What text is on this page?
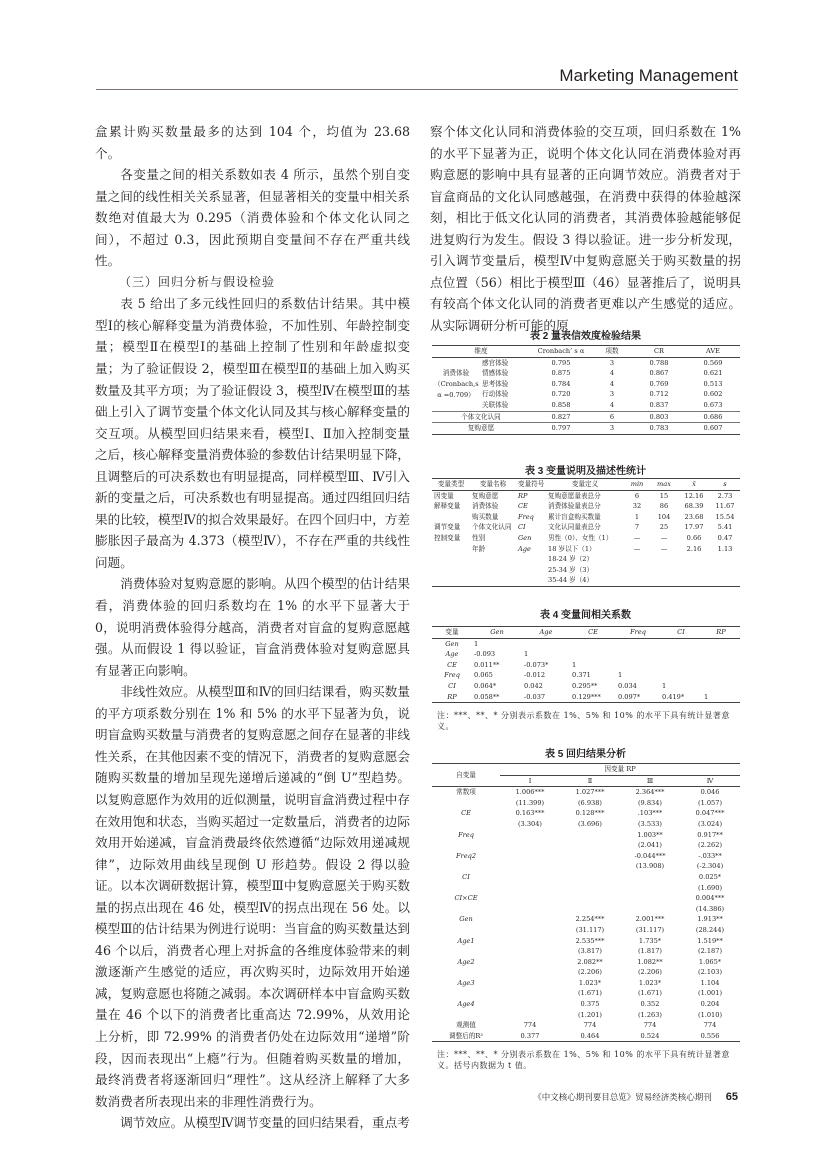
Marketing Management

盒累计购买数量最多的达到 104 个，均值为 23.68 个。

各变量之间的相关系数如表 4 所示，虽然个别自变量之间的线性相关关系显著，但显著相关的变量中相关系数绝对值最大为 0.295（消费体验和个体文化认同之间），不超过 0.3，因此预期自变量间不存在严重共线性。

（三）回归分析与假设检验

表 5 给出了多元线性回归的系数估计结果。其中模型Ⅰ的核心解释变量为消费体验，不加性别、年龄控制变量；模型Ⅱ在模型Ⅰ的基础上控制了性别和年龄虚拟变量；为了验证假设 2，模型Ⅲ在模型Ⅱ的基础上加入购买数量及其平方项；为了验证假设 3，模型Ⅳ在模型Ⅲ的基础上引入了调节变量个体文化认同及其与核心解释变量的交互项。从模型回归结果来看，模型Ⅰ、Ⅱ加入控制变量之后，核心解释变量消费体验的参数估计结果明显下降，且调整后的可决系数也有明显提高，同样模型Ⅲ、Ⅳ引入新的变量之后，可决系数也有明显提高。通过四组回归结果的比较，模型Ⅳ的拟合效果最好。在四个回归中，方差膨胀因子最高为 4.373（模型Ⅳ），不存在严重的共线性问题。

消费体验对复购意愿的影响。从四个模型的估计结果看，消费体验的回归系数均在 1% 的水平下显著大于 0，说明消费体验得分越高，消费者对盲盒的复购意愿越强。从而假设 1 得以验证，盲盒消费体验对复购意愿具有显著正向影响。

非线性效应。从模型Ⅲ和Ⅳ的回归结课看，购买数量的平方项系数分别在 1% 和 5% 的水平下显著为负，说明盲盒购买数量与消费者的复购意愿之间存在显著的非线性关系，在其他因素不变的情况下，消费者的复购意愿会随购买数量的增加呈现先递增后递减的“倒 U”型趋势。以复购意愿作为效用的近似测量，说明盲盒消费过程中存在效用饱和状态，当购买超过一定数量后，消费者的边际效用开始递减，盲盒消费最终依然遵循“边际效用递减规律”，边际效用曲线呈现倒 U 形趋势。假设 2 得以验证。以本次调研数据计算，模型Ⅲ中复购意愿关于购买数量的拐点出现在 46 处，模型Ⅳ的拐点出现在 56 处。以模型Ⅲ的估计结果为例进行说明：当盲盒的购买数量达到 46 个以后，消费者心理上对拆盒的各维度体验带来的刺激逐渐产生感觉的适应，再次购买时，边际效用开始递减，复购意愿也将随之减弱。本次调研样本中盲盒购买数量在 46 个以下的消费者比重高达 72.99%，从效用论上分析，即 72.99% 的消费者仍处在边际效用“递增”阶段，因而表现出“上瘾”行为。但随着购买数量的增加，最终消费者将逐渐回归“理性”。这从经济上解释了大多数消费者所表现出来的非理性消费行为。

调节效应。从模型Ⅳ调节变量的回归结果看，重点考

察个体文化认同和消费体验的交互项，回归系数在 1% 的水平下显著为正，说明个体文化认同在消费体验对再购意愿的影响中具有显著的正向调节效应。消费者对于盲盒商品的文化认同感越强，在消费中获得的体验越深刻，相比于低文化认同的消费者，其消费体验越能够促进复购行为发生。假设 3 得以验证。进一步分析发现，引入调节变量后，模型Ⅳ中复购意愿关于购买数量的拐点位置（56）相比于模型Ⅲ（46）显著推后了，说明具有较高个体文化认同的消费者更难以产生感觉的适应。从实际调研分析可能的原

表 2 量表信效度检验结果
维度		Cronbach’ s α	项数	CR	AVE
消费体验（Cronbach,s α =0.709）	感官体验	0.795	3	0.788	0.569
	情感体验	0.875	4	0.867	0.621
	思考体验	0.784	4	0.769	0.513
	行动体验	0.720	3	0.712	0.602
	关联体验	0.858	4	0.837	0.673
个体文化认同		0.827	6	0.803	0.686
复购意愿		0.797	3	0.783	0.607
表 3 变量说明及描述性统计
变量类型	变量名称	变量符号	变量定义	min	max	x̄	s
因变量	复购意愿	RP	复购意愿量表总分	6	15	12.16	2.73
解释变量	消费体验	CE	消费体验量表总分	32	86	68.39	11.67
	购买数量	Freq	累计盲盒购买数量	1	104	23.68	15.54
调节变量	个体文化认同	CI	文化认同量表总分	7	25	17.97	5.41
控制变量	性别	Gen	男性（0）、女性（1）	—	—	0.66	0.47
	年龄	Age	18 岁以下（1）	—	—	2.16	1.13
			18-24 岁（2）				
			25-34 岁（3）				
			35-44 岁（4）				
表 4 变量间相关系数
变量	Gen	Age	CE	Freq	CI	RP
Gen	1					
Age	-0.093	1				
CE	0.011**	-0.073*	1			
Freq	0.065	-0.012	0.371	1		
CI	0.064*	0.042	0.295**	0.034	1	
RP	0.058**	-0.037	0.129***	0.097*	0.419*	1
注：***、**、* 分别表示系数在 1%、5% 和 10% 的水平下具有统计显著意义。
表 5 回归结果分析
自变量	因变量 RP			
	Ⅰ	Ⅱ	Ⅲ	Ⅳ
常数项	1.006***	1.027***	2.364***	0.046
	(11.399)	(6.938)	(9.834)	(1.057)
CE	0.163***	0.128***	.103***	0.047***
	(3.304)	(3.696)	(3.533)	(3.024)
Freq			1.003**	0.917**
			(2.041)	(2.262)
Freq2			-0.044***	-.033**
			(13.908)	(-2.304)
CI				0.025*
				(1.690)
CI×CE				0.004***
				(14.386)
Gen		2.254***	2.001***	1.913**
		(31.117)	(31.117)	(28.244)
Age1		2.535***	1.735*	1.519**
		(3.817)	(1.817)	(2.187)
Age2		2.082**	1.082**	1.065*
		(2.206)	(2.206)	(2.103)
Age3		1.023*	1.023*	1.104
		(1.671)	(1.671)	(1.001)
Age4		0.375	0.352	0.204
		(1.201)	(1.263)	(1.010)
观测值	774	774	774	774
调整后的R²	0.377	0.464	0.524	0.556
注：***、**、* 分别表示系数在 1%、5% 和 10% 的水平下具有统计显著意义。括号内数据为 t 值。
《中文核心期刊要目总览》贸易经济类核心期刊 65
